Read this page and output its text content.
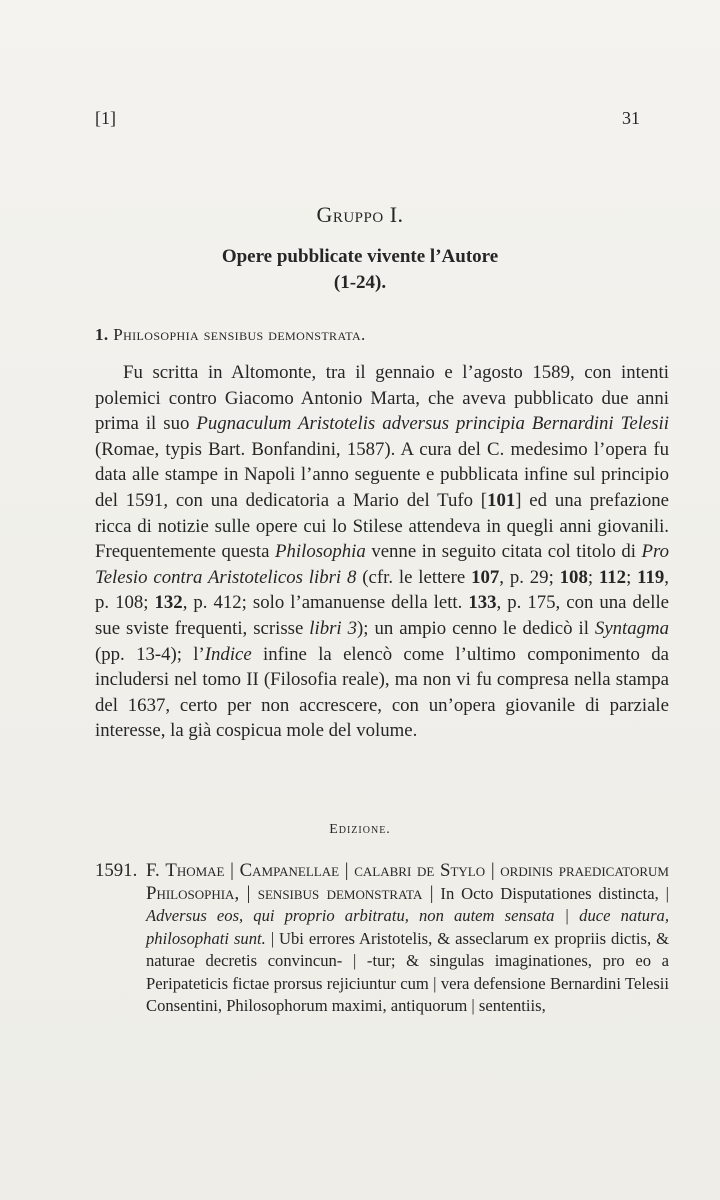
[1]	31
Gruppo I.
Opere pubblicate vivente l’Autore
(1-24).
1. Philosophia sensibus demonstrata.

Fu scritta in Altomonte, tra il gennaio e l’agosto 1589, con intenti polemici contro Giacomo Antonio Marta, che aveva pubblicato due anni prima il suo Pugnaculum Aristotelis adversus principia Bernardini Telesii (Romae, typis Bart. Bonfandini, 1587). A cura del C. medesimo l’opera fu data alle stampe in Napoli l’anno seguente e pubblicata infine sul principio del 1591, con una dedicatoria a Mario del Tufo [101] ed una prefazione ricca di notizie sulle opere cui lo Stilese attendeva in quegli anni giovanili. Frequentemente questa Philosophia venne in seguito citata col titolo di Pro Telesio contra Aristotelicos libri 8 (cfr. le lettere 107, p. 29; 108; 112; 119, p. 108; 132, p. 412; solo l’amanuense della lett. 133, p. 175, con una delle sue sviste frequenti, scrisse libri 3); un ampio cenno le dedicò il Syntagma (pp. 13-4); l’Indice infine la elencò come l’ultimo componimento da includersi nel tomo II (Filosofia reale), ma non vi fu compresa nella stampa del 1637, certo per non accrescere, con un’opera giovanile di parziale interesse, la già cospicua mole del volume.

Edizione.
1591. F. Thomae | Campanellae | calabri de Stylo | ordinis praedicatorum Philosophia, | sensibus demonstrata | In Octo Disputationes distincta, | Adversus eos, qui proprio arbitratu, non autem sensata | duce natura, philosophati sunt. | Ubi errores Aristotelis, & asseclarum ex propriis dictis, & naturae decretis convincun- | -tur; & singulas imaginationes, pro eo a Peripateticis fictae prorsus rejiciuntur cum | vera defensione Bernardini Telesii Consentini, Philosophorum maximi, antiquorum | sententiis,
